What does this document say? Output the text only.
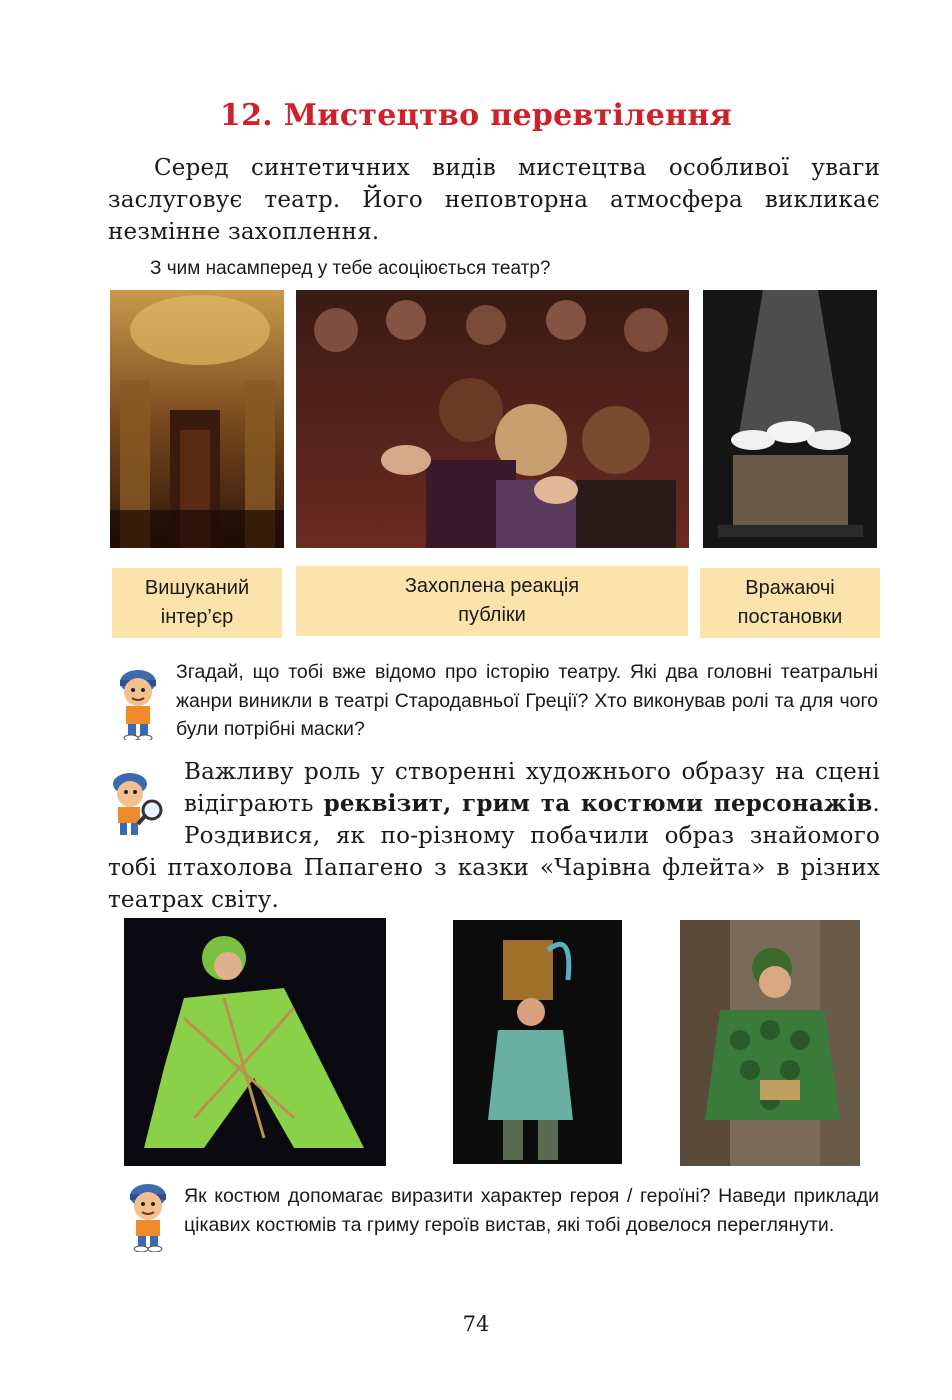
12. Мистецтво перевтілення
Серед синтетичних видів мистецтва особливої уваги заслуговує театр. Його неповторна атмосфера викликає незмінне захоплення.
З чим насамперед у тебе асоціюється театр?
Вишуканий
інтер’єр
Захоплена реакція
публіки
Вражаючі
постановки
Згадай, що тобі вже відомо про історію театру. Які два головні театральні жанри виникли в театрі Стародавньої Греції? Хто виконував ролі та для чого були потрібні маски?
Важливу роль у створенні художнього образу на сцені відіграють реквізит, грим та костюми персонажів. Роздивися, як по-різному побачили образ знайомого тобі птахолова Папагено з казки «Чарівна флейта» в різних театрах світу.
Як костюм допомагає виразити характер героя / героїні? Наведи приклади цікавих костюмів та гриму героїв вистав, які тобі довелося переглянути.
74
